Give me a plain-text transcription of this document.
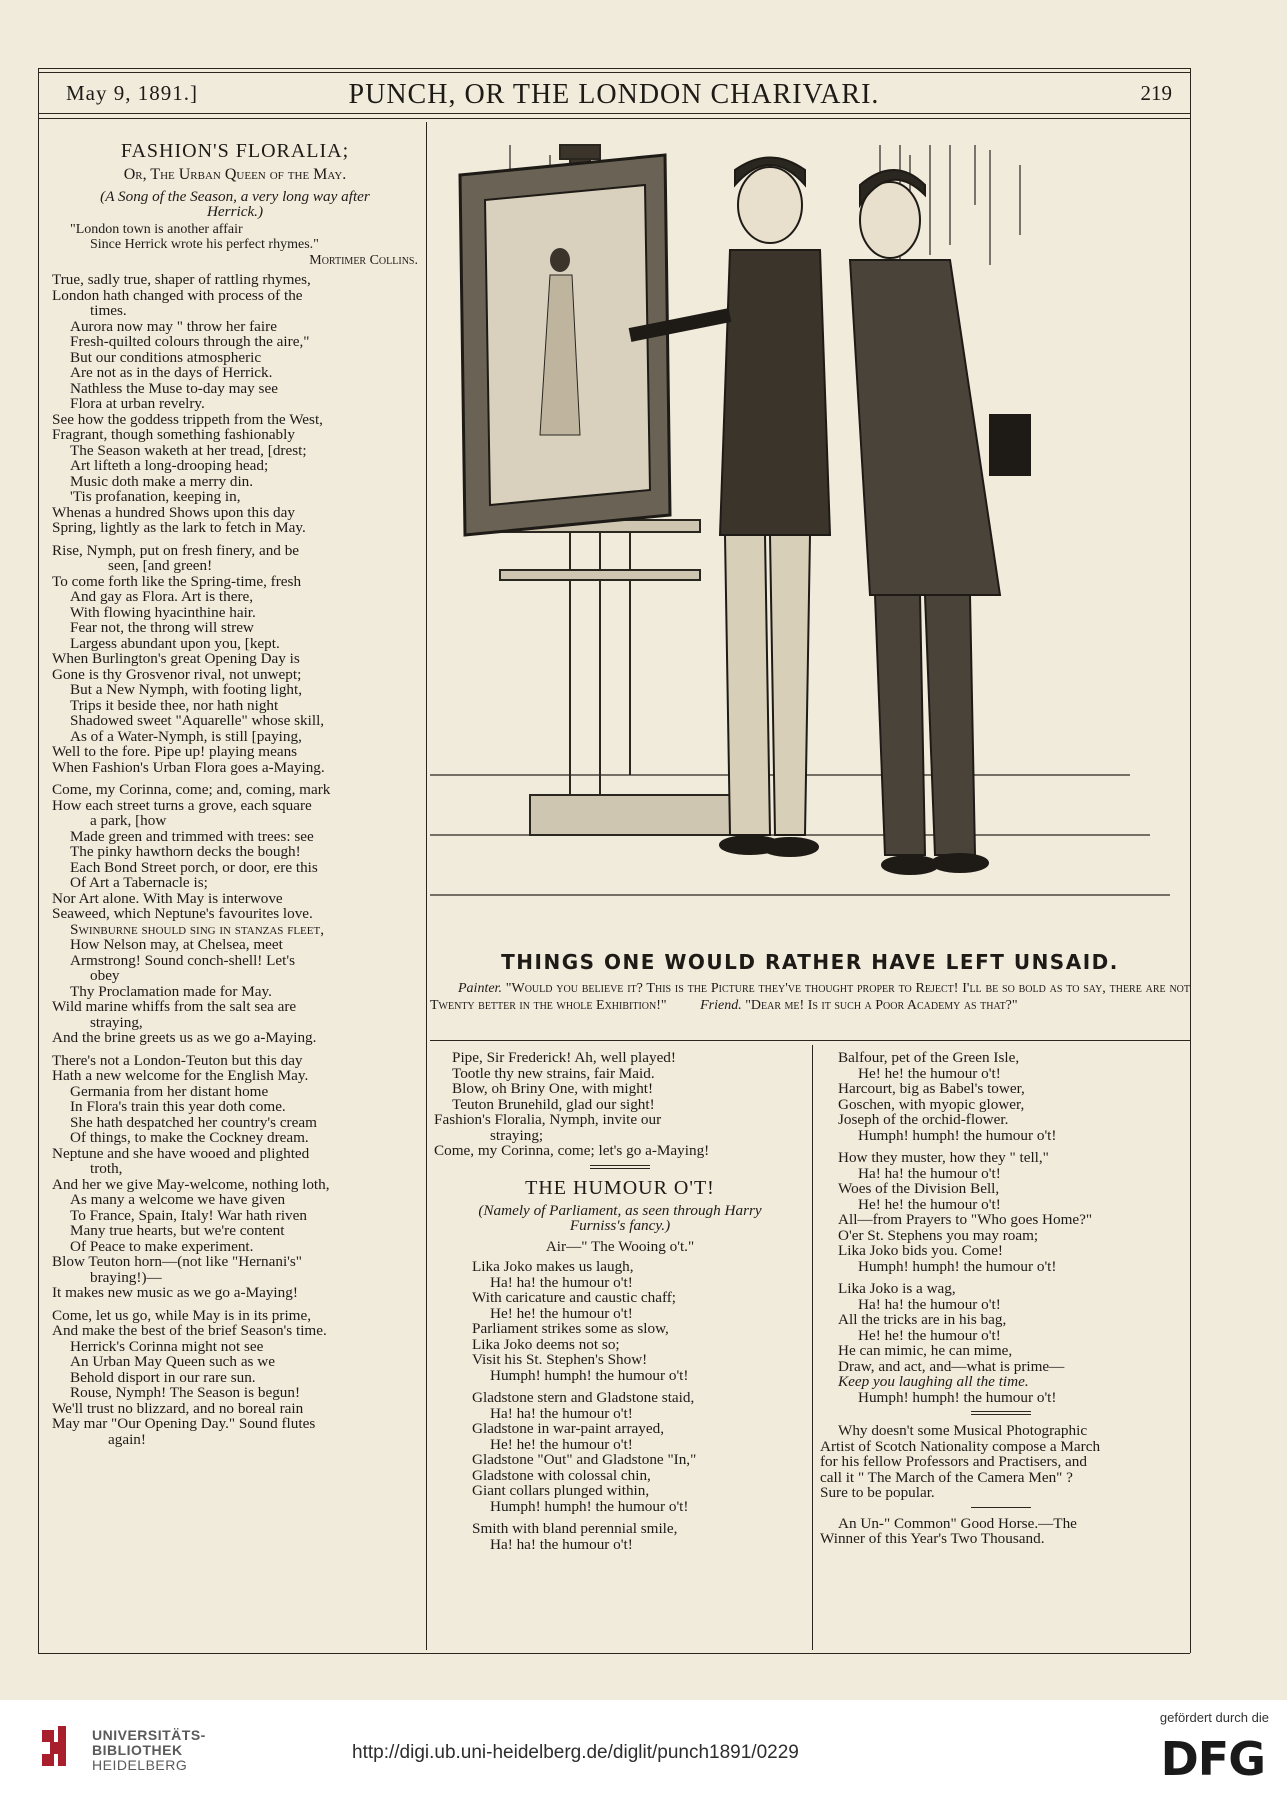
May 9, 1891.]	PUNCH, OR THE LONDON CHARIVARI.	219
FASHION'S FLORALIA;
Or, The Urban Queen of the May.
(A Song of the Season, a very long way after
Herrick.)
"London town is another affair
Since Herrick wrote his perfect rhymes."
Mortimer Collins.
True, sadly true, shaper of rattling rhymes,
London hath changed with process of the
times.
Aurora now may " throw her faire
Fresh-quilted colours through the aire,"
But our conditions atmospheric
Are not as in the days of Herrick.
Nathless the Muse to-day may see
Flora at urban revelry.
See how the goddess trippeth from the West,
Fragrant, though something fashionably
The Season waketh at her tread, [drest;
Art lifteth a long-drooping head;
Music doth make a merry din.
'Tis profanation, keeping in,
Whenas a hundred Shows upon this day
Spring, lightly as the lark to fetch in May.
Rise, Nymph, put on fresh finery, and be
seen, [and green!
To come forth like the Spring-time, fresh
And gay as Flora. Art is there,
With flowing hyacinthine hair.
Fear not, the throng will strew
Largess abundant upon you, [kept.
When Burlington's great Opening Day is
Gone is thy Grosvenor rival, not unwept;
But a New Nymph, with footing light,
Trips it beside thee, nor hath night
Shadowed sweet "Aquarelle" whose skill,
As of a Water-Nymph, is still [paying,
Well to the fore. Pipe up! playing means
When Fashion's Urban Flora goes a-Maying.
Come, my Corinna, come; and, coming, mark
How each street turns a grove, each square
a park, [how
Made green and trimmed with trees: see
The pinky hawthorn decks the bough!
Each Bond Street porch, or door, ere this
Of Art a Tabernacle is;
Nor Art alone. With May is interwove
Seaweed, which Neptune's favourites love.
Swinburne should sing in stanzas fleet,
How Nelson may, at Chelsea, meet
Armstrong! Sound conch-shell! Let's
obey
Thy Proclamation made for May.
Wild marine whiffs from the salt sea are
straying,
And the brine greets us as we go a-Maying.
There's not a London-Teuton but this day
Hath a new welcome for the English May.
Germania from her distant home
In Flora's train this year doth come.
She hath despatched her country's cream
Of things, to make the Cockney dream.
Neptune and she have wooed and plighted
troth,
And her we give May-welcome, nothing loth,
As many a welcome we have given
To France, Spain, Italy! War hath riven
Many true hearts, but we're content
Of Peace to make experiment.
Blow Teuton horn—(not like "Hernani's"
braying!)—
It makes new music as we go a-Maying!
Come, let us go, while May is in its prime,
And make the best of the brief Season's time.
Herrick's Corinna might not see
An Urban May Queen such as we
Behold disport in our rare sun.
Rouse, Nymph! The Season is begun!
We'll trust no blizzard, and no boreal rain
May mar "Our Opening Day." Sound flutes
again!
THINGS ONE WOULD RATHER HAVE LEFT UNSAID.
Painter. "Would you believe it? This is the Picture they've thought proper to Reject! I'll be so bold as to say, there are not Twenty better in the whole Exhibition!" Friend. "Dear me! Is it such a Poor Academy as that?"
Pipe, Sir Frederick! Ah, well played!
Tootle thy new strains, fair Maid.
Blow, oh Briny One, with might!
Teuton Brunehild, glad our sight!
Fashion's Floralia, Nymph, invite our
straying;
Come, my Corinna, come; let's go a-Maying!
THE HUMOUR O'T!
(Namely of Parliament, as seen through Harry
Furniss's fancy.)
Air—" The Wooing o't."
Lika Joko makes us laugh,
Ha! ha! the humour o't!
With caricature and caustic chaff;
He! he! the humour o't!
Parliament strikes some as slow,
Lika Joko deems not so;
Visit his St. Stephen's Show!
Humph! humph! the humour o't!
Gladstone stern and Gladstone staid,
Ha! ha! the humour o't!
Gladstone in war-paint arrayed,
He! he! the humour o't!
Gladstone "Out" and Gladstone "In,"
Gladstone with colossal chin,
Giant collars plunged within,
Humph! humph! the humour o't!
Smith with bland perennial smile,
Ha! ha! the humour o't!
Balfour, pet of the Green Isle,
He! he! the humour o't!
Harcourt, big as Babel's tower,
Goschen, with myopic glower,
Joseph of the orchid-flower.
Humph! humph! the humour o't!
How they muster, how they " tell,"
Ha! ha! the humour o't!
Woes of the Division Bell,
He! he! the humour o't!
All—from Prayers to "Who goes Home?"
O'er St. Stephens you may roam;
Lika Joko bids you. Come!
Humph! humph! the humour o't!
Lika Joko is a wag,
Ha! ha! the humour o't!
All the tricks are in his bag,
He! he! the humour o't!
He can mimic, he can mime,
Draw, and act, and—what is prime—
Keep you laughing all the time.
Humph! humph! the humour o't!
Why doesn't some Musical Photographic
Artist of Scotch Nationality compose a March
for his fellow Professors and Practisers, and
call it " The March of the Camera Men" ?
Sure to be popular.
An Un-" Common" Good Horse.—The
Winner of this Year's Two Thousand.
UNIVERSITÄTS-
BIBLIOTHEK
HEIDELBERG
http://digi.ub.uni-heidelberg.de/diglit/punch1891/0229
gefördert durch die
DFG
